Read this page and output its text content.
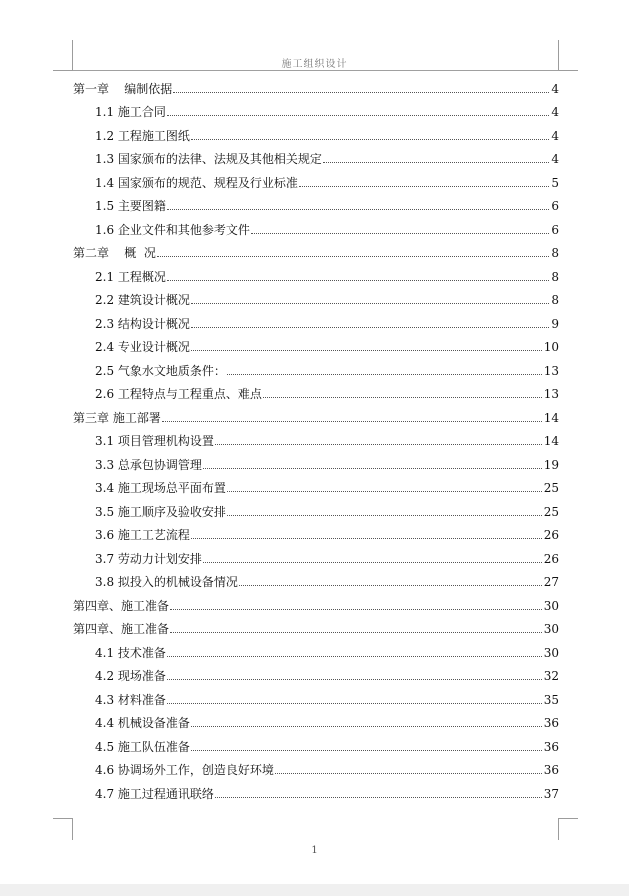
施工组织设计
第一章    编制依据	4
1.1 施工合同	4
1.2 工程施工图纸	4
1.3 国家颁布的法律、法规及其他相关规定	4
1.4 国家颁布的规范、规程及行业标准	5
1.5 主要图籍	6
1.6 企业文件和其他参考文件	6
第二章    概  况	8
2.1 工程概况	8
2.2 建筑设计概况	8
2.3 结构设计概况	9
2.4 专业设计概况	10
2.5 气象水文地质条件：	13
2.6 工程特点与工程重点、难点	13
第三章 施工部署	14
3.1 项目管理机构设置	14
3.3 总承包协调管理	19
3.4 施工现场总平面布置	25
3.5 施工顺序及验收安排	25
3.6 施工工艺流程	26
3.7 劳动力计划安排	26
3.8 拟投入的机械设备情况	27
第四章、施工准备	30
第四章、施工准备	30
4.1 技术准备	30
4.2 现场准备	32
4.3 材料准备	35
4.4 机械设备准备	36
4.5 施工队伍准备	36
4.6 协调场外工作，创造良好环境	36
4.7 施工过程通讯联络	37
1
